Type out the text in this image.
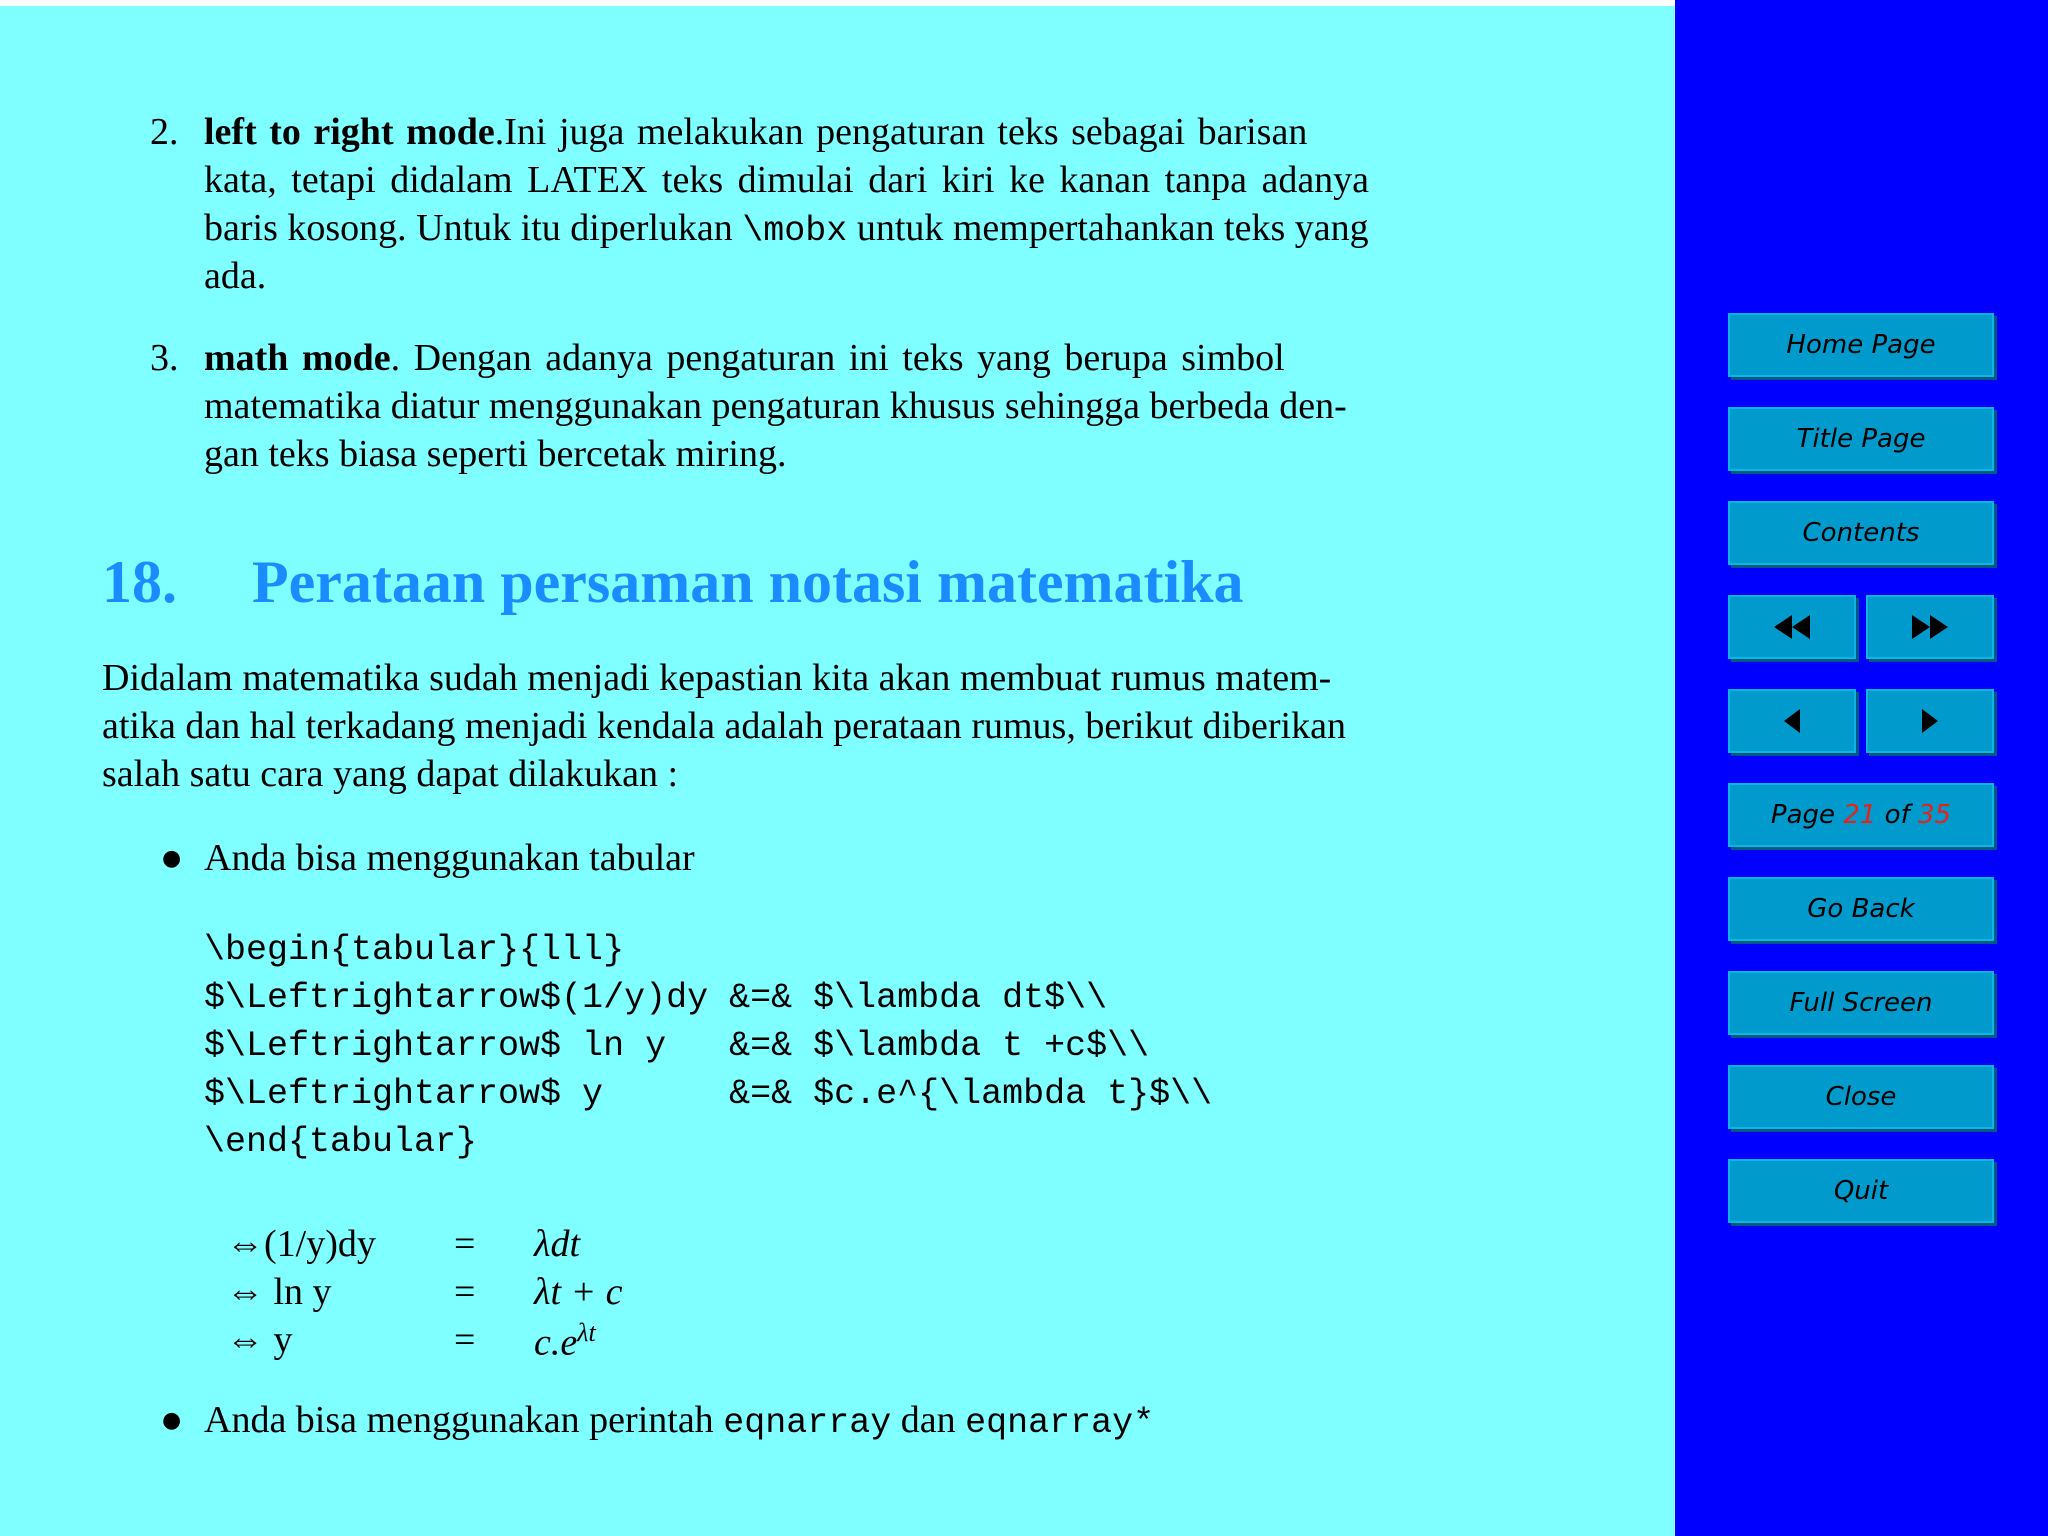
2. left to right mode.Ini juga melakukan pengaturan teks sebagai barisan
kata, tetapi didalam LATEX teks dimulai dari kiri ke kanan tanpa adanya
baris kosong. Untuk itu diperlukan \mobx untuk mempertahankan teks yang
ada.
3. math mode. Dengan adanya pengaturan ini teks yang berupa simbol
matematika diatur menggunakan pengaturan khusus sehingga berbeda den-
gan teks biasa seperti bercetak miring.
18. Perataan persaman notasi matematika
Didalam matematika sudah menjadi kepastian kita akan membuat rumus matem-
atika dan hal terkadang menjadi kendala adalah perataan rumus, berikut diberikan
salah satu cara yang dapat dilakukan :
● Anda bisa menggunakan tabular
\begin{tabular}{lll}
$\Leftrightarrow$(1/y)dy &=& $\lambda dt$\\
$\Leftrightarrow$ ln y   &=& $\lambda t +c$\\
$\Leftrightarrow$ y      &=& $c.e^{\lambda t}$\\
\end{tabular}
⇔(1/y)dy = λdt
⇔ ln y	= λt + c
⇔ y	= $c.e^{\lambda t}$
● Anda bisa menggunakan perintah eqnarray dan eqnarray*
Home Page
Title Page
Contents
Page
21
of
35
Go Back
Full Screen
Close
Quit
